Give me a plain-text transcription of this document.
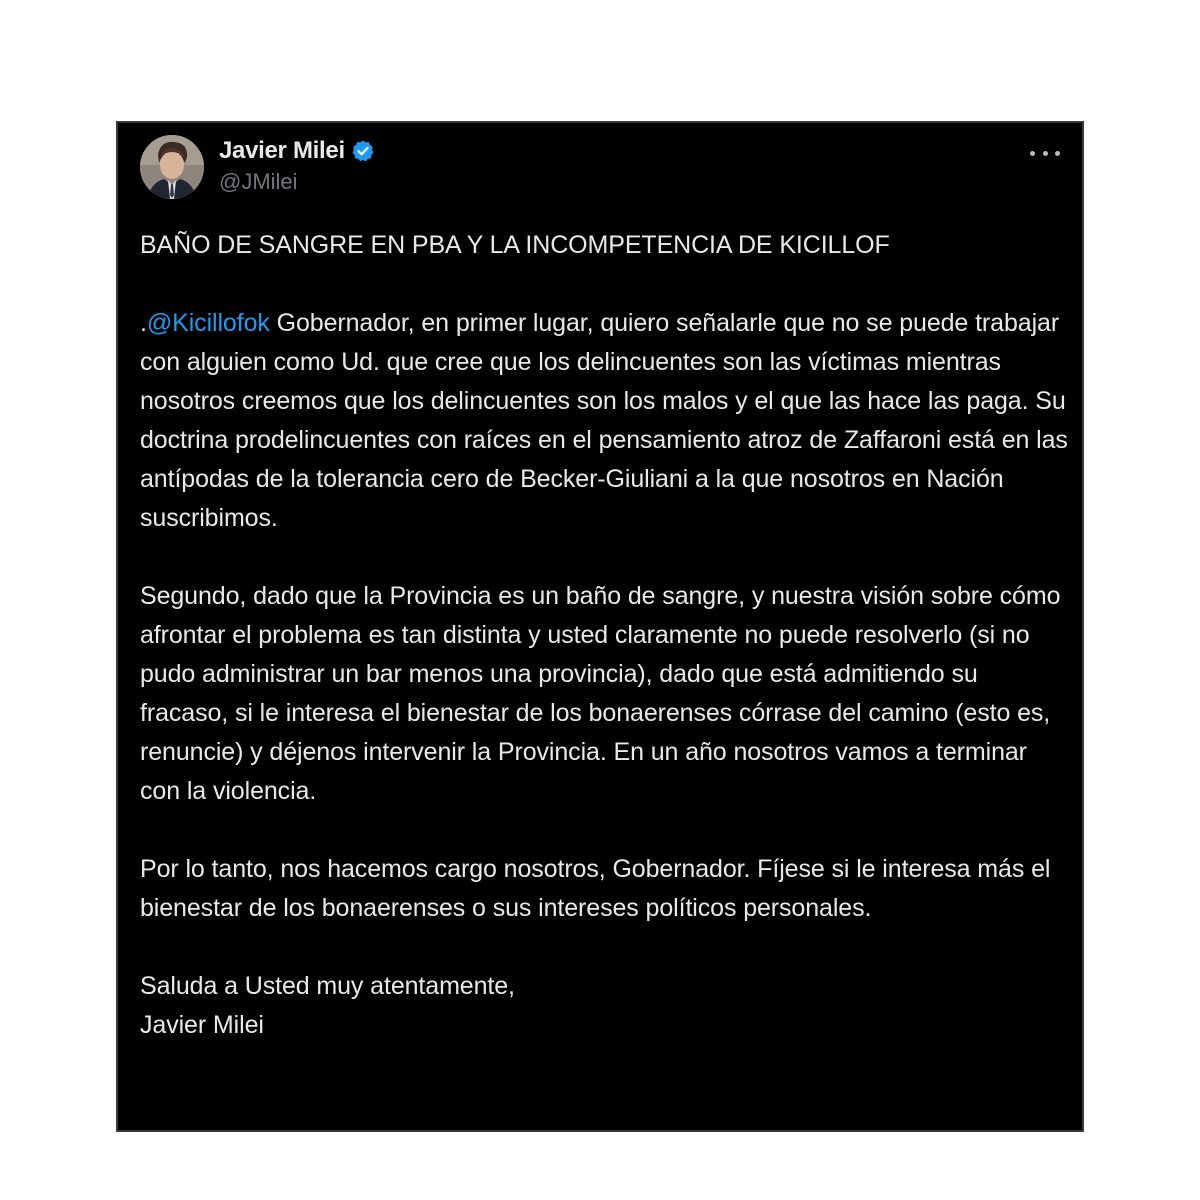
Javier Milei
@JMilei

BAÑO DE SANGRE EN PBA Y LA INCOMPETENCIA DE KICILLOF

.@Kicillofok Gobernador, en primer lugar, quiero señalarle que no se puede trabajar con alguien como Ud. que cree que los delincuentes son las víctimas mientras nosotros creemos que los delincuentes son los malos y el que las hace las paga. Su doctrina prodelincuentes con raíces en el pensamiento atroz de Zaffaroni está en las antípodas de la tolerancia cero de Becker-Giuliani a la que nosotros en Nación suscribimos.

Segundo, dado que la Provincia es un baño de sangre, y nuestra visión sobre cómo afrontar el problema es tan distinta y usted claramente no puede resolverlo (si no pudo administrar un bar menos una provincia), dado que está admitiendo su fracaso, si le interesa el bienestar de los bonaerenses córrase del camino (esto es, renuncie) y déjenos intervenir la Provincia. En un año nosotros vamos a terminar con la violencia.

Por lo tanto, nos hacemos cargo nosotros, Gobernador. Fíjese si le interesa más el bienestar de los bonaerenses o sus intereses políticos personales.

Saluda a Usted muy atentamente,
Javier Milei
